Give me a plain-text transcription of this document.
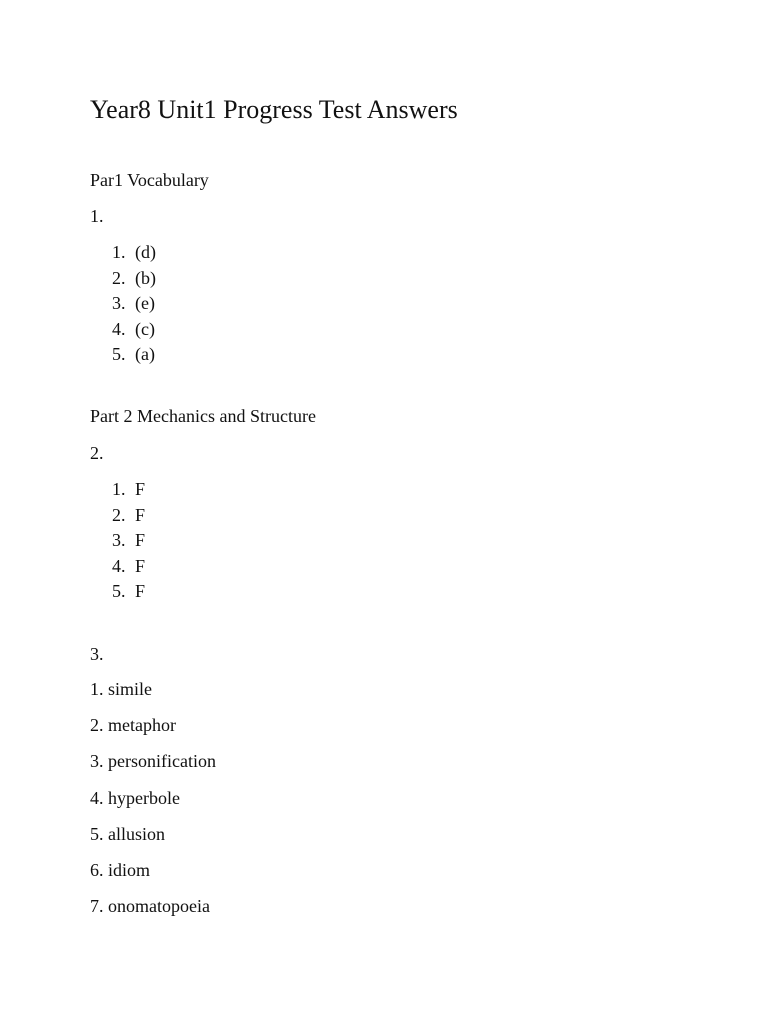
Year8 Unit1 Progress Test Answers

Par1 Vocabulary

1.

1. (d)
2. (b)
3. (e)
4. (c)
5. (a)

Part 2 Mechanics and Structure

2.

1. F
2. F
3. F
4. F
5. F

3.

1. simile

2. metaphor

3. personification

4. hyperbole

5. allusion

6. idiom

7. onomatopoeia
